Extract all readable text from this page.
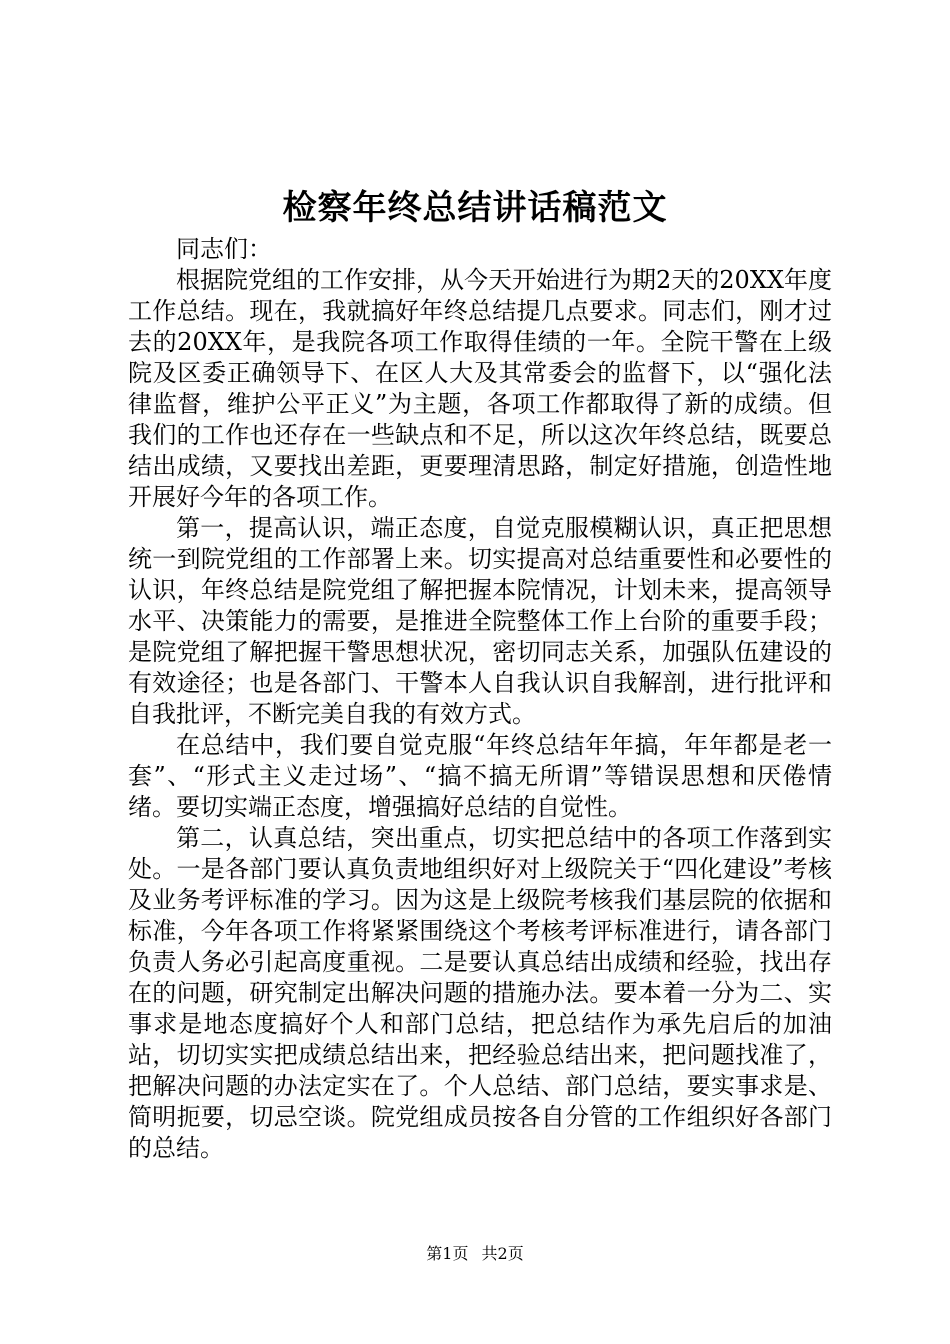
检察年终总结讲话稿范文

同志们：

根据院党组的工作安排，从今天开始进行为期2天的20XX年度工作总结。现在，我就搞好年终总结提几点要求。同志们，刚才过去的20XX年，是我院各项工作取得佳绩的一年。全院干警在上级院及区委正确领导下、在区人大及其常委会的监督下，以“强化法律监督，维护公平正义”为主题，各项工作都取得了新的成绩。但我们的工作也还存在一些缺点和不足，所以这次年终总结，既要总结出成绩，又要找出差距，更要理清思路，制定好措施，创造性地开展好今年的各项工作。

第一，提高认识，端正态度，自觉克服模糊认识，真正把思想统一到院党组的工作部署上来。切实提高对总结重要性和必要性的认识，年终总结是院党组了解把握本院情况，计划未来，提高领导水平、决策能力的需要，是推进全院整体工作上台阶的重要手段；是院党组了解把握干警思想状况，密切同志关系，加强队伍建设的有效途径；也是各部门、干警本人自我认识自我解剖，进行批评和自我批评，不断完美自我的有效方式。

在总结中，我们要自觉克服“年终总结年年搞，年年都是老一套”、“形式主义走过场”、“搞不搞无所谓”等错误思想和厌倦情绪。要切实端正态度，增强搞好总结的自觉性。

第二，认真总结，突出重点，切实把总结中的各项工作落到实处。一是各部门要认真负责地组织好对上级院关于“四化建设”考核及业务考评标准的学习。因为这是上级院考核我们基层院的依据和标准，今年各项工作将紧紧围绕这个考核考评标准进行，请各部门负责人务必引起高度重视。二是要认真总结出成绩和经验，找出存在的问题，研究制定出解决问题的措施办法。要本着一分为二、实事求是地态度搞好个人和部门总结，把总结作为承先启后的加油站，切切实实把成绩总结出来，把经验总结出来，把问题找准了，把解决问题的办法定实在了。个人总结、部门总结，要实事求是、简明扼要，切忌空谈。院党组成员按各自分管的工作组织好各部门的总结。

第1页 共2页
